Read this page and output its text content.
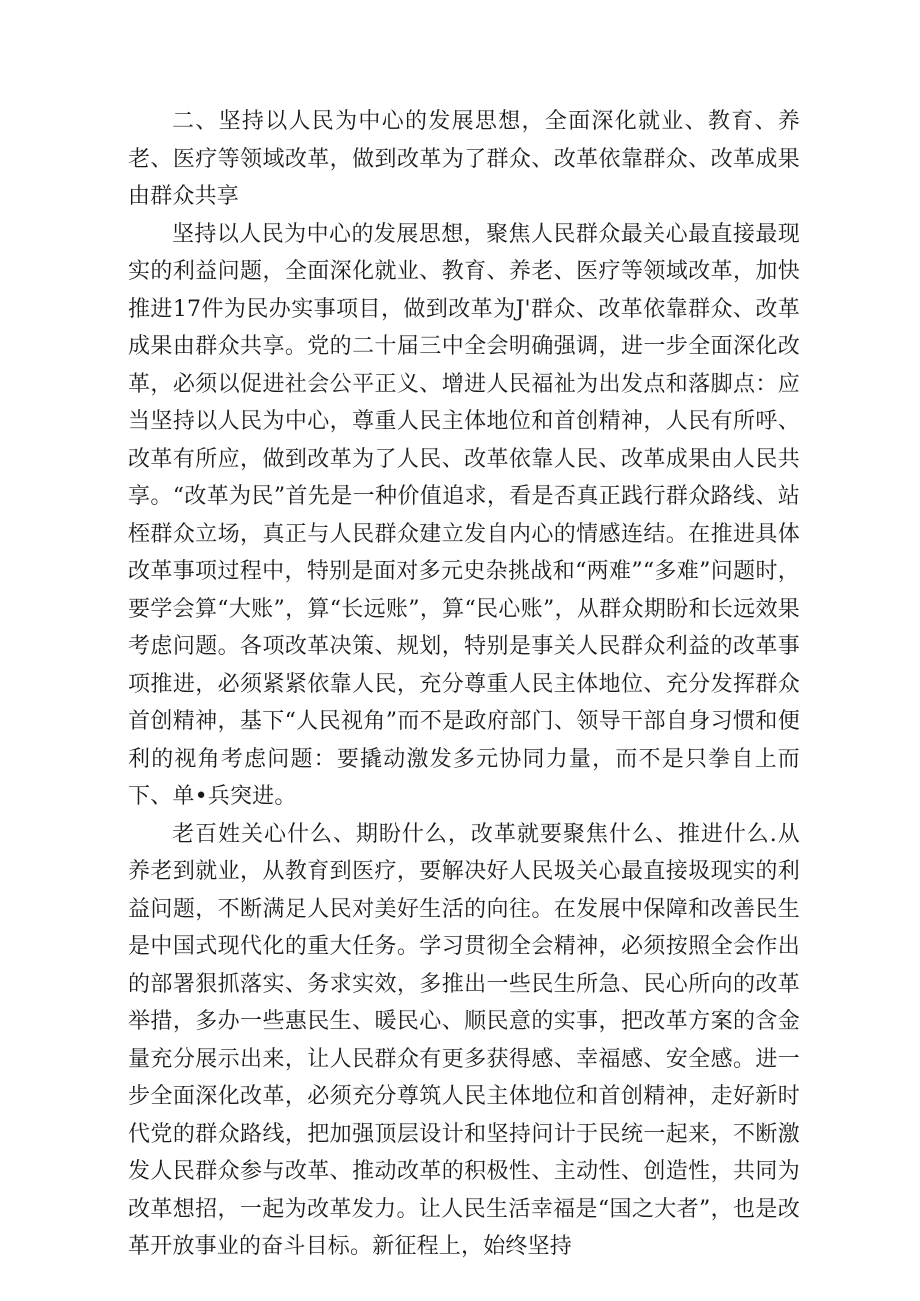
二、坚持以人民为中心的发展思想，全面深化就业、教育、养老、医疗等领域改革，做到改革为了群众、改革依靠群众、改革成果由群众共享

坚持以人民为中心的发展思想，聚焦人民群众最关心最直接最现实的利益问题，全面深化就业、教育、养老、医疗等领域改革，加快推进17件为民办实事项目，做到改革为J'群众、改革依靠群众、改革成果由群众共享。党的二十届三中全会明确强调，进一步全面深化改革，必须以促进社会公平正义、增进人民福祉为出发点和落脚点：应当坚持以人民为中心，尊重人民主体地位和首创精神，人民有所呼、改革有所应，做到改革为了人民、改革依靠人民、改革成果由人民共享。“改革为民”首先是一种价值追求，看是否真正践行群众路线、站桎群众立场，真正与人民群众建立发自内心的情感连结。在推进具体改革事项过程中，特别是面对多元史杂挑战和“两难”“多难”问题时，要学会算“大账”，算“长远账”，算“民心账”，从群众期盼和长远效果考虑问题。各项改革决策、规划，特别是事关人民群众利益的改革事项推进，必须紧紧依靠人民，充分尊重人民主体地位、充分发挥群众首创精神，基下“人民视角”而不是政府部门、领导干部自身习惯和便利的视角考虑问题：要撬动激发多元协同力量，而不是只拳自上而下、单•兵突进。

老百姓关心什么、期盼什么，改革就要聚焦什么、推进什么.从养老到就业，从教育到医疗，要解决好人民圾关心最直接圾现实的利益问题，不断满足人民对美好生活的向往。在发展中保障和改善民生是中国式现代化的重大任务。学习贯彻全会精神，必须按照全会作出的部署狠抓落实、务求实效，多推出一些民生所急、民心所向的改革举措，多办一些惠民生、暖民心、顺民意的实事，把改革方案的含金量充分展示出来，让人民群众有更多获得感、幸福感、安全感。进一步全面深化改革，必须充分尊筑人民主体地位和首创精神，走好新时代党的群众路线，把加强顶层设计和坚持问计于民统一起来，不断激发人民群众参与改革、推动改革的积极性、主动性、创造性，共同为改革想招，一起为改革发力。让人民生活幸福是“国之大者”，也是改革开放事业的奋斗目标。新征程上，始终坚持
